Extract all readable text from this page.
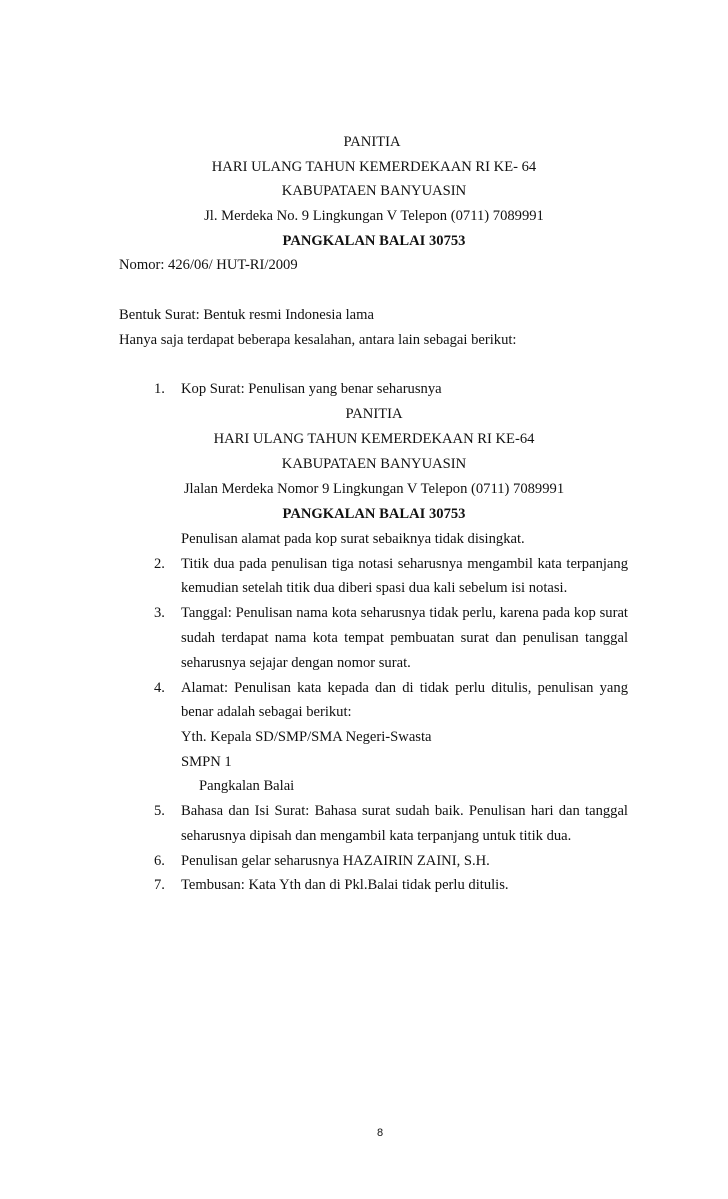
PANITIA
HARI ULANG TAHUN KEMERDEKAAN RI KE- 64
KABUPATAEN BANYUASIN
Jl. Merdeka No. 9 Lingkungan V Telepon (0711) 7089991
PANGKALAN BALAI 30753
Nomor: 426/06/ HUT-RI/2009
Bentuk Surat: Bentuk resmi Indonesia lama
Hanya saja terdapat beberapa kesalahan, antara lain sebagai berikut:
1.	Kop Surat: Penulisan yang benar seharusnya
PANITIA
HARI ULANG TAHUN KEMERDEKAAN RI KE-64
KABUPATAEN BANYUASIN
Jlalan Merdeka Nomor 9 Lingkungan V Telepon (0711) 7089991
PANGKALAN BALAI 30753
Penulisan alamat pada kop surat sebaiknya tidak disingkat.
2.	Titik dua pada penulisan tiga notasi seharusnya mengambil kata terpanjang
kemudian setelah titik dua diberi spasi dua kali sebelum isi notasi.
3.	Tanggal: Penulisan nama kota seharusnya tidak perlu, karena pada kop surat
sudah terdapat nama kota tempat pembuatan surat dan penulisan tanggal
seharusnya sejajar dengan nomor surat.
4.	Alamat: Penulisan kata kepada dan di tidak perlu ditulis, penulisan yang
benar adalah sebagai berikut:
Yth. Kepala SD/SMP/SMA Negeri-Swasta
SMPN 1
Pangkalan Balai
5.	Bahasa dan Isi Surat: Bahasa surat sudah baik. Penulisan hari dan tanggal
seharusnya dipisah dan mengambil kata terpanjang untuk titik dua.
6.	Penulisan gelar seharusnya HAZAIRIN ZAINI, S.H.
7.	Tembusan: Kata Yth dan di Pkl.Balai tidak perlu ditulis.
8
